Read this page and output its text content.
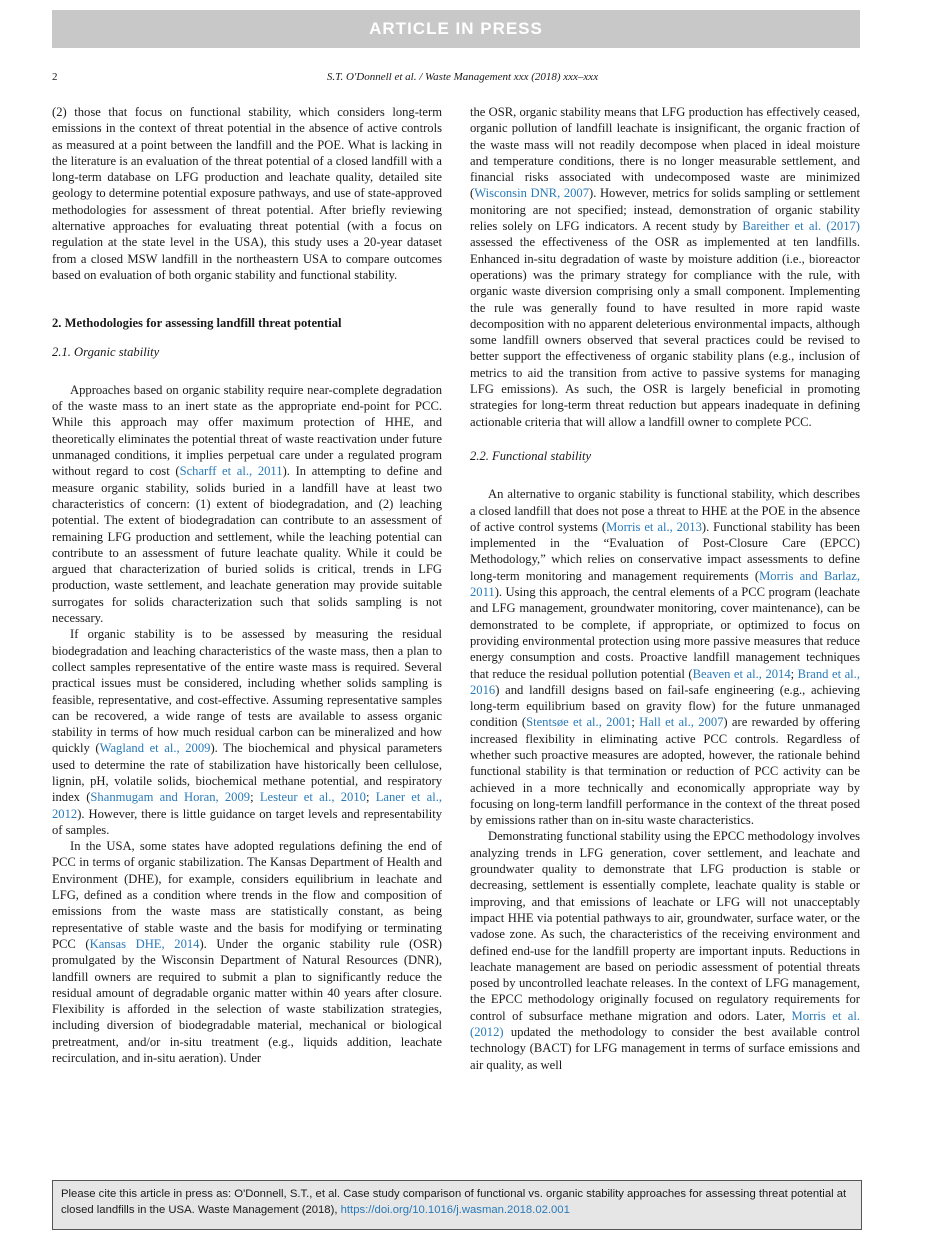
ARTICLE IN PRESS
2	S.T. O'Donnell et al. / Waste Management xxx (2018) xxx–xxx

(2) those that focus on functional stability, which considers long-term emissions in the context of threat potential in the absence of active controls as measured at a point between the landfill and the POE. What is lacking in the literature is an evaluation of the threat potential of a closed landfill with a long-term database on LFG production and leachate quality, detailed site geology to determine potential exposure pathways, and use of state-approved methodologies for assessment of threat potential. After briefly reviewing alternative approaches for evaluating threat potential (with a focus on regulation at the state level in the USA), this study uses a 20-year dataset from a closed MSW landfill in the northeastern USA to compare outcomes based on evaluation of both organic stability and functional stability.

2. Methodologies for assessing landfill threat potential
2.1. Organic stability

Approaches based on organic stability require near-complete degradation of the waste mass to an inert state as the appropriate end-point for PCC. While this approach may offer maximum protection of HHE, and theoretically eliminates the potential threat of waste reactivation under future unmanaged conditions, it implies perpetual care under a regulated program without regard to cost (Scharff et al., 2011). In attempting to define and measure organic stability, solids buried in a landfill have at least two characteristics of concern: (1) extent of biodegradation, and (2) leaching potential. The extent of biodegradation can contribute to an assessment of remaining LFG production and settlement, while the leaching potential can contribute to an assessment of future leachate quality. While it could be argued that characterization of buried solids is critical, trends in LFG production, waste settlement, and leachate generation may provide suitable surrogates for solids characterization such that solids sampling is not necessary.

If organic stability is to be assessed by measuring the residual biodegradation and leaching characteristics of the waste mass, then a plan to collect samples representative of the entire waste mass is required. Several practical issues must be considered, including whether solids sampling is feasible, representative, and cost-effective. Assuming representative samples can be recovered, a wide range of tests are available to assess organic stability in terms of how much residual carbon can be mineralized and how quickly (Wagland et al., 2009). The biochemical and physical parameters used to determine the rate of stabilization have historically been cellulose, lignin, pH, volatile solids, biochemical methane potential, and respiratory index (Shanmugam and Horan, 2009; Lesteur et al., 2010; Laner et al., 2012). However, there is little guidance on target levels and representability of samples.

In the USA, some states have adopted regulations defining the end of PCC in terms of organic stabilization. The Kansas Department of Health and Environment (DHE), for example, considers equilibrium in leachate and LFG, defined as a condition where trends in the flow and composition of emissions from the waste mass are statistically constant, as being representative of stable waste and the basis for modifying or terminating PCC (Kansas DHE, 2014). Under the organic stability rule (OSR) promulgated by the Wisconsin Department of Natural Resources (DNR), landfill owners are required to submit a plan to significantly reduce the residual amount of degradable organic matter within 40 years after closure. Flexibility is afforded in the selection of waste stabilization strategies, including diversion of biodegradable material, mechanical or biological pretreatment, and/or in-situ treatment (e.g., liquids addition, leachate recirculation, and in-situ aeration). Under

the OSR, organic stability means that LFG production has effectively ceased, organic pollution of landfill leachate is insignificant, the organic fraction of the waste mass will not readily decompose when placed in ideal moisture and temperature conditions, there is no longer measurable settlement, and financial risks associated with undecomposed waste are minimized (Wisconsin DNR, 2007). However, metrics for solids sampling or settlement monitoring are not specified; instead, demonstration of organic stability relies solely on LFG indicators. A recent study by Bareither et al. (2017) assessed the effectiveness of the OSR as implemented at ten landfills. Enhanced in-situ degradation of waste by moisture addition (i.e., bioreactor operations) was the primary strategy for compliance with the rule, with organic waste diversion comprising only a small component. Implementing the rule was generally found to have resulted in more rapid waste decomposition with no apparent deleterious environmental impacts, although some landfill owners observed that several practices could be revised to better support the effectiveness of organic stability plans (e.g., inclusion of metrics to aid the transition from active to passive systems for managing LFG emissions). As such, the OSR is largely beneficial in promoting strategies for long-term threat reduction but appears inadequate in defining actionable criteria that will allow a landfill owner to complete PCC.

2.2. Functional stability

An alternative to organic stability is functional stability, which describes a closed landfill that does not pose a threat to HHE at the POE in the absence of active control systems (Morris et al., 2013). Functional stability has been implemented in the “Evaluation of Post-Closure Care (EPCC) Methodology,” which relies on conservative impact assessments to define long-term monitoring and management requirements (Morris and Barlaz, 2011). Using this approach, the central elements of a PCC program (leachate and LFG management, groundwater monitoring, cover maintenance), can be demonstrated to be complete, if appropriate, or optimized to focus on providing environmental protection using more passive measures that reduce energy consumption and costs. Proactive landfill management techniques that reduce the residual pollution potential (Beaven et al., 2014; Brand et al., 2016) and landfill designs based on fail-safe engineering (e.g., achieving long-term equilibrium based on gravity flow) for the future unmanaged condition (Stentsøe et al., 2001; Hall et al., 2007) are rewarded by offering increased flexibility in eliminating active PCC controls. Regardless of whether such proactive measures are adopted, however, the rationale behind functional stability is that termination or reduction of PCC activity can be achieved in a more technically and economically appropriate way by focusing on long-term landfill performance in the context of the threat posed by emissions rather than on in-situ waste characteristics.

Demonstrating functional stability using the EPCC methodology involves analyzing trends in LFG generation, cover settlement, and leachate and groundwater quality to demonstrate that LFG production is stable or decreasing, settlement is essentially complete, leachate quality is stable or improving, and that emissions of leachate or LFG will not unacceptably impact HHE via potential pathways to air, groundwater, surface water, or the vadose zone. As such, the characteristics of the receiving environment and defined end-use for the landfill property are important inputs. Reductions in leachate management are based on periodic assessment of potential threats posed by uncontrolled leachate releases. In the context of LFG management, the EPCC methodology originally focused on regulatory requirements for control of subsurface methane migration and odors. Later, Morris et al. (2012) updated the methodology to consider the best available control technology (BACT) for LFG management in terms of surface emissions and air quality, as well

Please cite this article in press as: O'Donnell, S.T., et al. Case study comparison of functional vs. organic stability approaches for assessing threat potential at closed landfills in the USA. Waste Management (2018), https://doi.org/10.1016/j.wasman.2018.02.001
